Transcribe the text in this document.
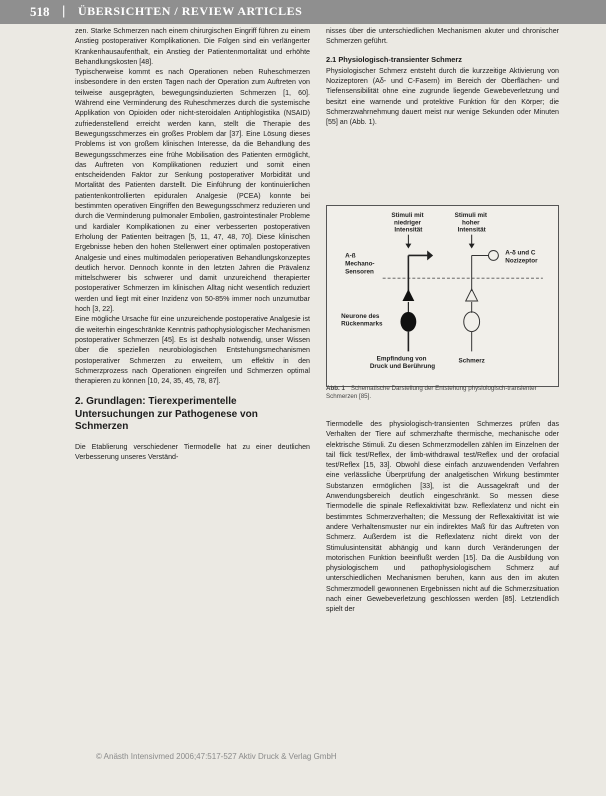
518 | ÜBERSICHTEN / REVIEW ARTICLES

zen. Starke Schmerzen nach einem chirurgischen Eingriff führen zu einem Anstieg postoperativer Komplikationen. Die Folgen sind ein verlängerter Krankenhausaufenthalt, ein Anstieg der Patientenmortalität und erhöhte Behandlungskosten [48].

Typischerweise kommt es nach Operationen neben Ruheschmerzen insbesondere in den ersten Tagen nach der Operation zum Auftreten von teilweise ausgeprägten, bewegungsinduzierten Schmerzen [1, 60]. Während eine Verminderung des Ruheschmerzes durch die systemische Applikation von Opioiden oder nicht-steroidalen Antiphlogistika (NSAID) zufriedenstellend erreicht werden kann, stellt die Therapie des Bewegungsschmerzes ein großes Problem dar [37]. Eine Lösung dieses Problems ist von großem klinischen Interesse, da die Behandlung des Bewegungsschmerzes eine frühe Mobilisation des Patienten ermöglicht, das Auftreten von Komplikationen reduziert und somit einen entscheidenden Faktor zur Senkung postoperativer Morbidität und Mortalität des Patienten darstellt. Die Einführung der kontinuierlichen patientenkontrollierten epiduralen Analgesie (PCEA) konnte bei bestimmten operativen Eingriffen den Bewegungsschmerz reduzieren und durch die Verminderung pulmonaler Embolien, gastrointestinaler Probleme und kardialer Komplikationen zu einer verbesserten postoperativen Erholung der Patienten beitragen [5, 11, 47, 48, 70]. Diese klinischen Ergebnisse heben den hohen Stellenwert einer optimalen postoperativen Analgesie und eines multimodalen perioperativen Behandlungskonzeptes deutlich hervor. Dennoch konnte in den letzten Jahren die Prävalenz mittelschwerer bis schwerer und damit unzureichend therapierter postoperativer Schmerzen im klinischen Alltag nicht wesentlich reduziert werden und liegt mit einer Inzidenz von 50-85% immer noch unzumutbar hoch [3, 22].

Eine mögliche Ursache für eine unzureichende postoperative Analgesie ist die weiterhin eingeschränkte Kenntnis pathophysiologischer Mechanismen postoperativer Schmerzen [45]. Es ist deshalb notwendig, unser Wissen über die speziellen neurobiologischen Entstehungsmechanismen postoperativer Schmerzen zu erweitern, um effektiv in den Schmerzprozess nach Operationen eingreifen und Schmerzen optimal therapieren zu können [10, 24, 35, 45, 78, 87].

2. Grundlagen: Tierexperimentelle Untersuchungen zur Pathogenese von Schmerzen

Die Etablierung verschiedener Tiermodelle hat zu einer deutlichen Verbesserung unseres Verständ-

nisses über die unterschiedlichen Mechanismen akuter und chronischer Schmerzen geführt.

2.1 Physiologisch-transienter Schmerz

Physiologischer Schmerz entsteht durch die kurzzeitige Aktivierung von Nozizeptoren (Aδ- und C-Fasern) im Bereich der Oberflächen- und Tiefensensibilität ohne eine zugrunde liegende Gewebeverletzung und besitzt eine warnende und protektive Funktion für den Körper; die Schmerzwahrnehmung dauert meist nur wenige Sekunden oder Minuten [55] an (Abb. 1).

Stimuli mit niedriger Intensität
Stimuli mit hoher Intensität
A-ß Mechano- Sensoren
A-δ und C Nozizeptor
Neurone des Rückenmarks
Empfindung von Druck und Berührung
Schmerz
Abb. 1 Schematische Darstellung der Entstehung physiologisch-transienter Schmerzen [85].

Tiermodelle des physiologisch-transienten Schmerzes prüfen das Verhalten der Tiere auf schmerzhafte thermische, mechanische oder elektrische Stimuli. Zu diesen Schmerzmodellen zählen im Einzelnen der tail flick test/Reflex, der limb-withdrawal test/Reflex und der orofacial test/Reflex [15, 33]. Obwohl diese einfach anzuwendenden Verfahren eine verlässliche Überprüfung der analgetischen Wirkung bestimmter Substanzen ermöglichen [33], ist die Aussagekraft und der Anwendungsbereich deutlich eingeschränkt. So messen diese Tiermodelle die spinale Reflexaktivität bzw. Reflexlatenz und nicht ein bestimmtes Schmerzverhalten; die Messung der Reflexaktivität ist wie andere Verhaltensmuster nur ein indirektes Maß für das Auftreten von Schmerz. Außerdem ist die Reflexlatenz nicht direkt von der Stimulusintensität abhängig und kann durch Veränderungen der motorischen Funktion beeinflußt werden [15]. Da die Ausbildung von physiologischem und pathophysiologischem Schmerz auf unterschiedlichen Mechanismen beruhen, kann aus den im akuten Schmerzmodell gewonnenen Ergebnissen nicht auf die Schmerzsituation nach einer Gewebeverletzung geschlossen werden [85]. Letztendlich spielt der

© Anästh Intensivmed 2006;47:517-527 Aktiv Druck & Verlag GmbH
